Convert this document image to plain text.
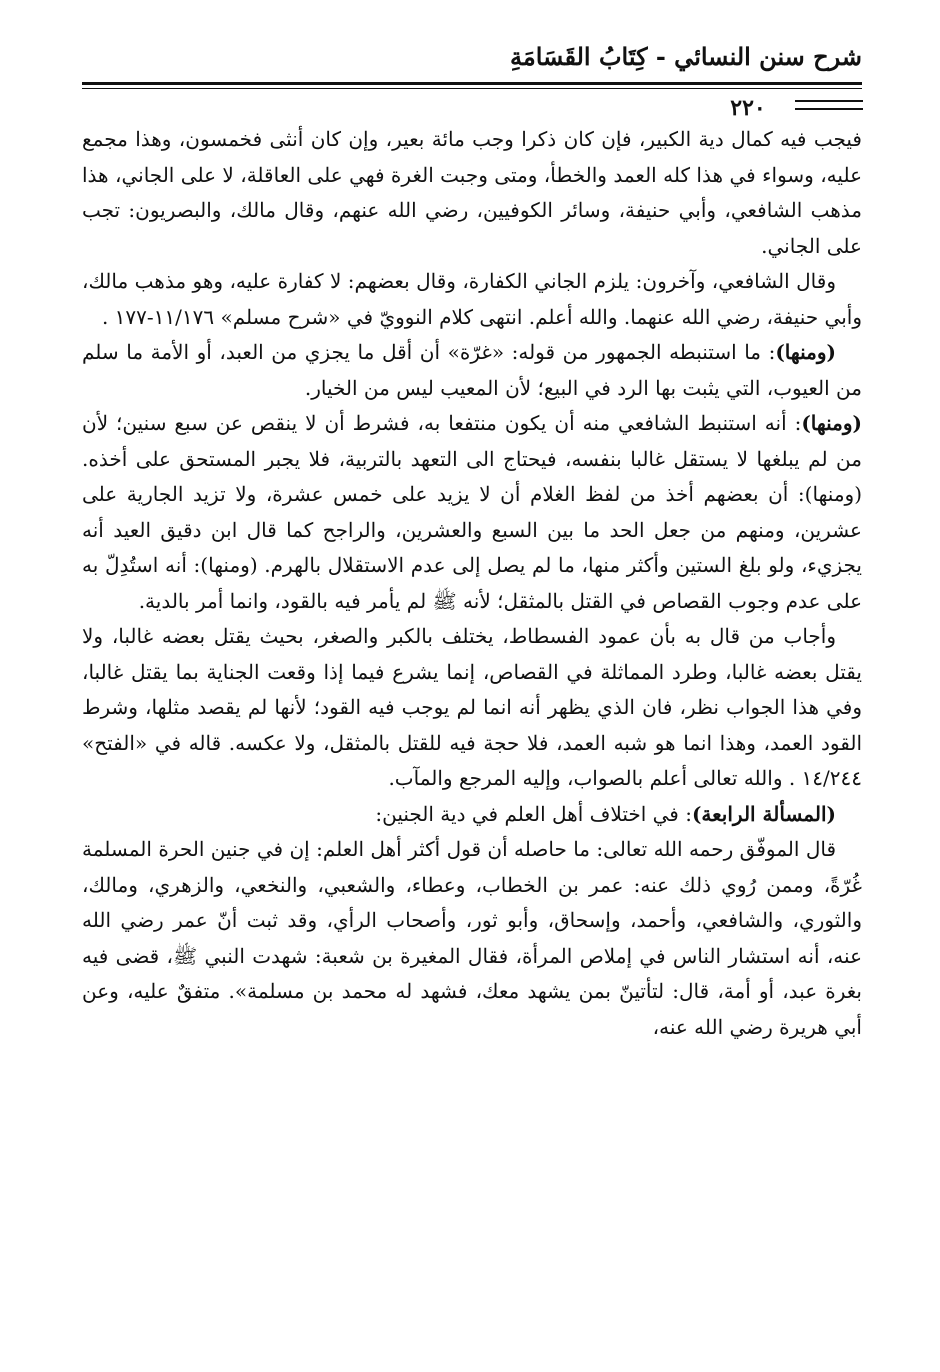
شرح سنن النسائي - كِتَابُ القَسَامَةِ
٢٢٠

فيجب فيه كمال دية الكبير، فإن كان ذكرا وجب مائة بعير، وإن كان أنثى فخمسون، وهذا مجمع عليه، وسواء في هذا كله العمد والخطأ، ومتى وجبت الغرة فهي على العاقلة، لا على الجاني، هذا مذهب الشافعي، وأبي حنيفة، وسائر الكوفيين، رضي الله عنهم، وقال مالك، والبصريون: تجب على الجاني.

وقال الشافعي، وآخرون: يلزم الجاني الكفارة، وقال بعضهم: لا كفارة عليه، وهو مذهب مالك، وأبي حنيفة، رضي الله عنهما. والله أعلم. انتهى كلام النوويّ في «شرح مسلم» ١١/١٧٦-١٧٧ .

(ومنها): ما استنبطه الجمهور من قوله: «غرّة» أن أقل ما يجزي من العبد، أو الأمة ما سلم من العيوب، التي يثبت بها الرد في البيع؛ لأن المعيب ليس من الخيار.

(ومنها): أنه استنبط الشافعي منه أن يكون منتفعا به، فشرط أن لا ينقص عن سبع سنين؛ لأن من لم يبلغها لا يستقل غالبا بنفسه، فيحتاج الى التعهد بالتربية، فلا يجبر المستحق على أخذه. (ومنها): أن بعضهم أخذ من لفظ الغلام أن لا يزيد على خمس عشرة، ولا تزيد الجارية على عشرين، ومنهم من جعل الحد ما بين السبع والعشرين، والراجح كما قال ابن دقيق العيد أنه يجزيء، ولو بلغ الستين وأكثر منها، ما لم يصل إلى عدم الاستقلال بالهرم. (ومنها): أنه استُدِلّ به على عدم وجوب القصاص في القتل بالمثقل؛ لأنه ﷺ لم يأمر فيه بالقود، وانما أمر بالدية.

وأجاب من قال به بأن عمود الفسطاط، يختلف بالكبر والصغر، بحيث يقتل بعضه غالبا، ولا يقتل بعضه غالبا، وطرد المماثلة في القصاص، إنما يشرع فيما إذا وقعت الجناية بما يقتل غالبا، وفي هذا الجواب نظر، فان الذي يظهر أنه انما لم يوجب فيه القود؛ لأنها لم يقصد مثلها، وشرط القود العمد، وهذا انما هو شبه العمد، فلا حجة فيه للقتل بالمثقل، ولا عكسه. قاله في «الفتح» ١٤/٢٤٤ . والله تعالى أعلم بالصواب، وإليه المرجع والمآب.

(المسألة الرابعة): في اختلاف أهل العلم في دية الجنين:

قال الموفّق رحمه الله تعالى: ما حاصله أن قول أكثر أهل العلم: إن في جنين الحرة المسلمة غُرّةً، وممن رُوي ذلك عنه: عمر بن الخطاب، وعطاء، والشعبي، والنخعي، والزهري، ومالك، والثوري، والشافعي، وأحمد، وإسحاق، وأبو ثور، وأصحاب الرأي، وقد ثبت أنّ عمر رضي الله عنه، أنه استشار الناس في إملاص المرأة، فقال المغيرة بن شعبة: شهدت النبي ﷺ، قضى فيه بغرة عبد، أو أمة، قال: لتأتينّ بمن يشهد معك، فشهد له محمد بن مسلمة». متفقٌ عليه، وعن أبي هريرة رضي الله عنه،
